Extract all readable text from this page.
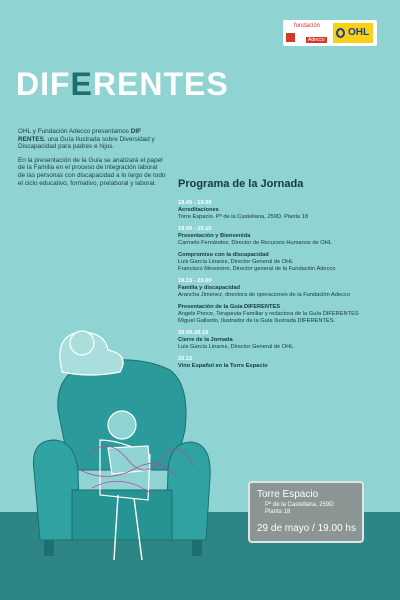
fundación
Adecco
OHL
DIFERENTES

OHL y Fundación Adecco presentamos DIF RENTES, una Guía Ilustrada sobre Diversidad y Discapacidad para padres e hijos.

En la presentación de la Guía se analizará el papel de la Familia en el proceso de integración laboral de las personas con discapacidad a lo largo de todo el ciclo educativo, formativo, prelaboral y laboral.	Programa de la Jornada
18.45 - 19.00
Acreditaciones
Torre Espacio. Pº de la Castellana, 259D. Planta 18
19.00 - 19.15
Presentación y Bienvenida
Carmelo Fernández, Director de Recursos Humanos de OHL
Compromiso con la discapacidad
Luis García Linares, Director General de OHL
Francisco Mesonero, Director general de la Fundación Adecco
19.15 - 20.00
Familia y discapacidad
Arancha Jimenez, directora de operaciones de la Fundación Adecco
Presentación de la Guía DIFERENTES
Angels Ponce, Terapeuta Familiar y redactora de la Guía DIFERENTES
Miguel Gallardo, Ilustrador de la Guía Ilustrada DIFERENTES.
20.00-20.15
Cierre de la Jornada
Luis García Linares, Director General de OHL
20.15
Vino Español en la Torre Espacio
Torre Espacio
Pº de la Castellana, 259D
Planta 18
29 de mayo / 19.00 hs
